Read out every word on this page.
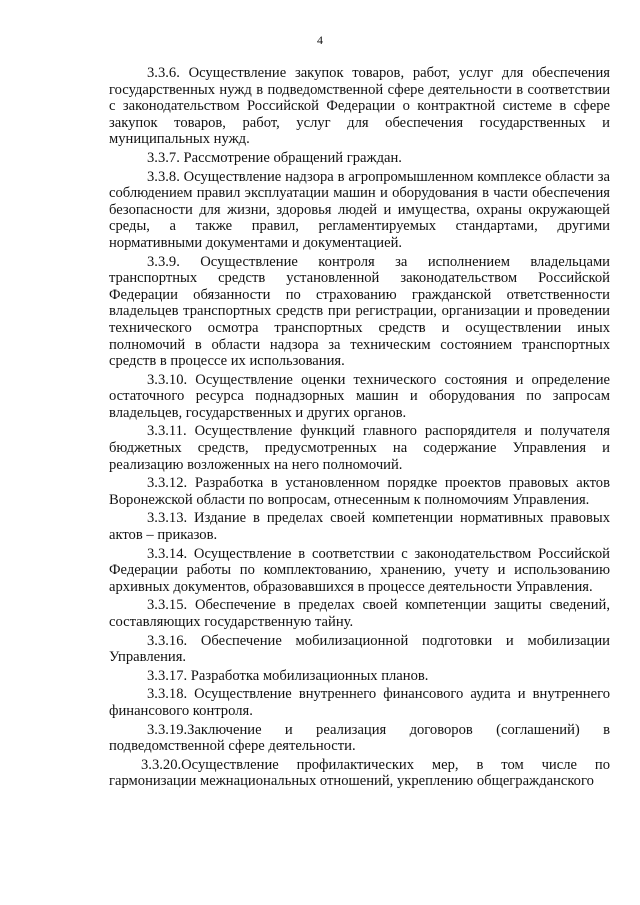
4

3.3.6. Осуществление закупок товаров, работ, услуг для обеспечения государственных нужд в подведомственной сфере деятельности в соответствии с законодательством Российской Федерации о контрактной системе в сфере закупок товаров, работ, услуг для обеспечения государственных и муниципальных нужд.

3.3.7. Рассмотрение обращений граждан.

3.3.8. Осуществление надзора в агропромышленном комплексе области за соблюдением правил эксплуатации машин и оборудования в части обеспечения безопасности для жизни, здоровья людей и имущества, охраны окружающей среды, а также правил, регламентируемых стандартами, другими нормативными документами и документацией.

3.3.9. Осуществление контроля за исполнением владельцами транспортных средств установленной законодательством Российской Федерации обязанности по страхованию гражданской ответственности владельцев транспортных средств при регистрации, организации и проведении технического осмотра транспортных средств и осуществлении иных полномочий в области надзора за техническим состоянием транспортных средств в процессе их использования.

3.3.10. Осуществление оценки технического состояния и определение остаточного ресурса поднадзорных машин и оборудования по запросам владельцев, государственных и других органов.

3.3.11. Осуществление функций главного распорядителя и получателя бюджетных средств, предусмотренных на содержание Управления и реализацию возложенных на него полномочий.

3.3.12. Разработка в установленном порядке проектов правовых актов Воронежской области по вопросам, отнесенным к полномочиям Управления.

3.3.13. Издание в пределах своей компетенции нормативных правовых актов – приказов.

3.3.14. Осуществление в соответствии с законодательством Российской Федерации работы по комплектованию, хранению, учету и использованию архивных документов, образовавшихся в процессе деятельности Управления.

3.3.15. Обеспечение в пределах своей компетенции защиты сведений, составляющих государственную тайну.

3.3.16. Обеспечение мобилизационной подготовки и мобилизации Управления.

3.3.17. Разработка мобилизационных планов.

3.3.18. Осуществление внутреннего финансового аудита и внутреннего финансового контроля.

3.3.19.Заключение и реализация договоров (соглашений) в подведомственной сфере деятельности.

3.3.20.Осуществление профилактических мер, в том числе по гармонизации межнациональных отношений, укреплению общегражданского
